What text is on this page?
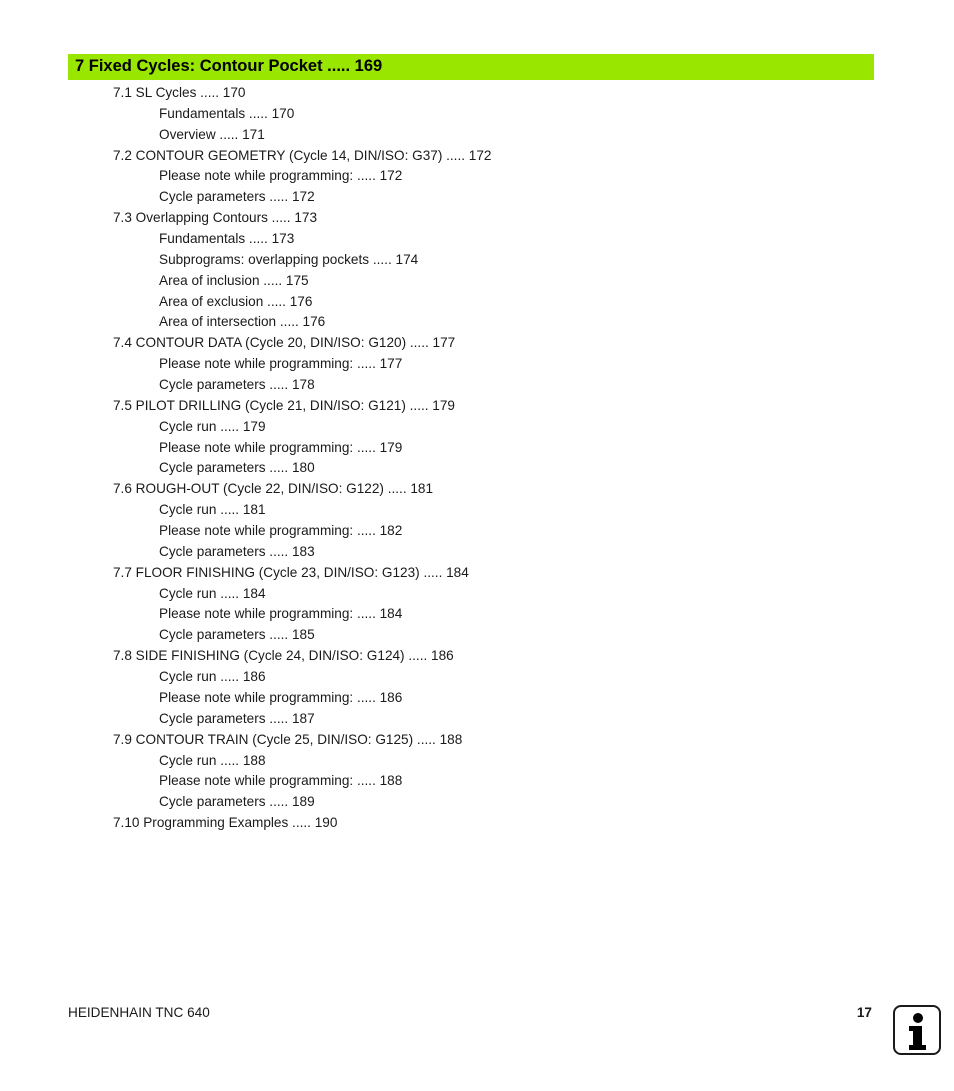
7 Fixed Cycles: Contour Pocket ..... 169
7.1 SL Cycles ..... 170
Fundamentals ..... 170
Overview ..... 171
7.2 CONTOUR GEOMETRY (Cycle 14, DIN/ISO: G37) ..... 172
Please note while programming: ..... 172
Cycle parameters ..... 172
7.3 Overlapping Contours ..... 173
Fundamentals ..... 173
Subprograms: overlapping pockets ..... 174
Area of inclusion ..... 175
Area of exclusion ..... 176
Area of intersection ..... 176
7.4 CONTOUR DATA (Cycle 20, DIN/ISO: G120) ..... 177
Please note while programming: ..... 177
Cycle parameters ..... 178
7.5 PILOT DRILLING (Cycle 21, DIN/ISO: G121) ..... 179
Cycle run ..... 179
Please note while programming: ..... 179
Cycle parameters ..... 180
7.6 ROUGH-OUT (Cycle 22, DIN/ISO: G122) ..... 181
Cycle run ..... 181
Please note while programming: ..... 182
Cycle parameters ..... 183
7.7 FLOOR FINISHING (Cycle 23, DIN/ISO: G123) ..... 184
Cycle run ..... 184
Please note while programming: ..... 184
Cycle parameters ..... 185
7.8 SIDE FINISHING (Cycle 24, DIN/ISO: G124) ..... 186
Cycle run ..... 186
Please note while programming: ..... 186
Cycle parameters ..... 187
7.9 CONTOUR TRAIN (Cycle 25, DIN/ISO: G125) ..... 188
Cycle run ..... 188
Please note while programming: ..... 188
Cycle parameters ..... 189
7.10 Programming Examples ..... 190
HEIDENHAIN TNC 640	17
